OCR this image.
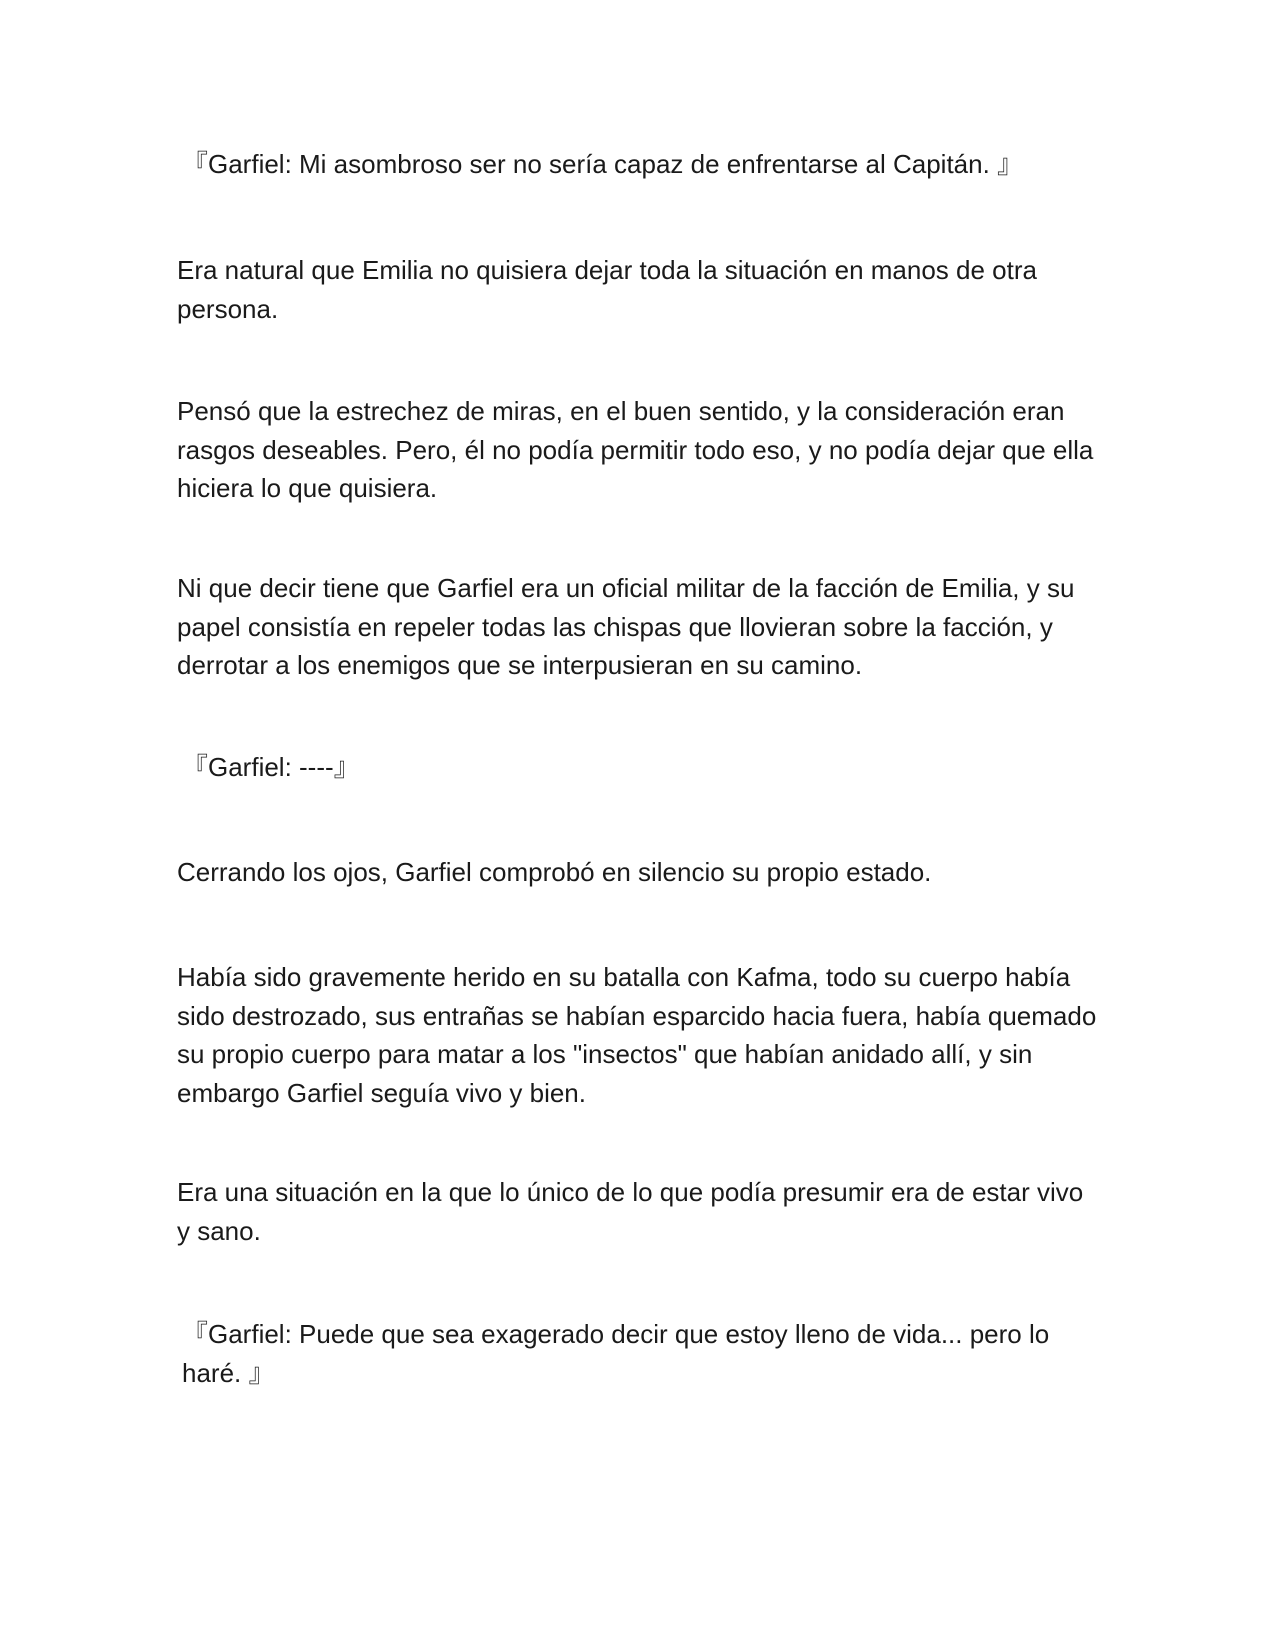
『Garfiel: Mi asombroso ser no sería capaz de enfrentarse al Capitán. 』

Era natural que Emilia no quisiera dejar toda la situación en manos de otra persona.

Pensó que la estrechez de miras, en el buen sentido, y la consideración eran rasgos deseables. Pero, él no podía permitir todo eso, y no podía dejar que ella hiciera lo que quisiera.

Ni que decir tiene que Garfiel era un oficial militar de la facción de Emilia, y su papel consistía en repeler todas las chispas que llovieran sobre la facción, y derrotar a los enemigos que se interpusieran en su camino.

『Garfiel: ----』

Cerrando los ojos, Garfiel comprobó en silencio su propio estado.

Había sido gravemente herido en su batalla con Kafma, todo su cuerpo había sido destrozado, sus entrañas se habían esparcido hacia fuera, había quemado su propio cuerpo para matar a los "insectos" que habían anidado allí, y sin embargo Garfiel seguía vivo y bien.

Era una situación en la que lo único de lo que podía presumir era de estar vivo y sano.

『Garfiel: Puede que sea exagerado decir que estoy lleno de vida... pero lo haré. 』
